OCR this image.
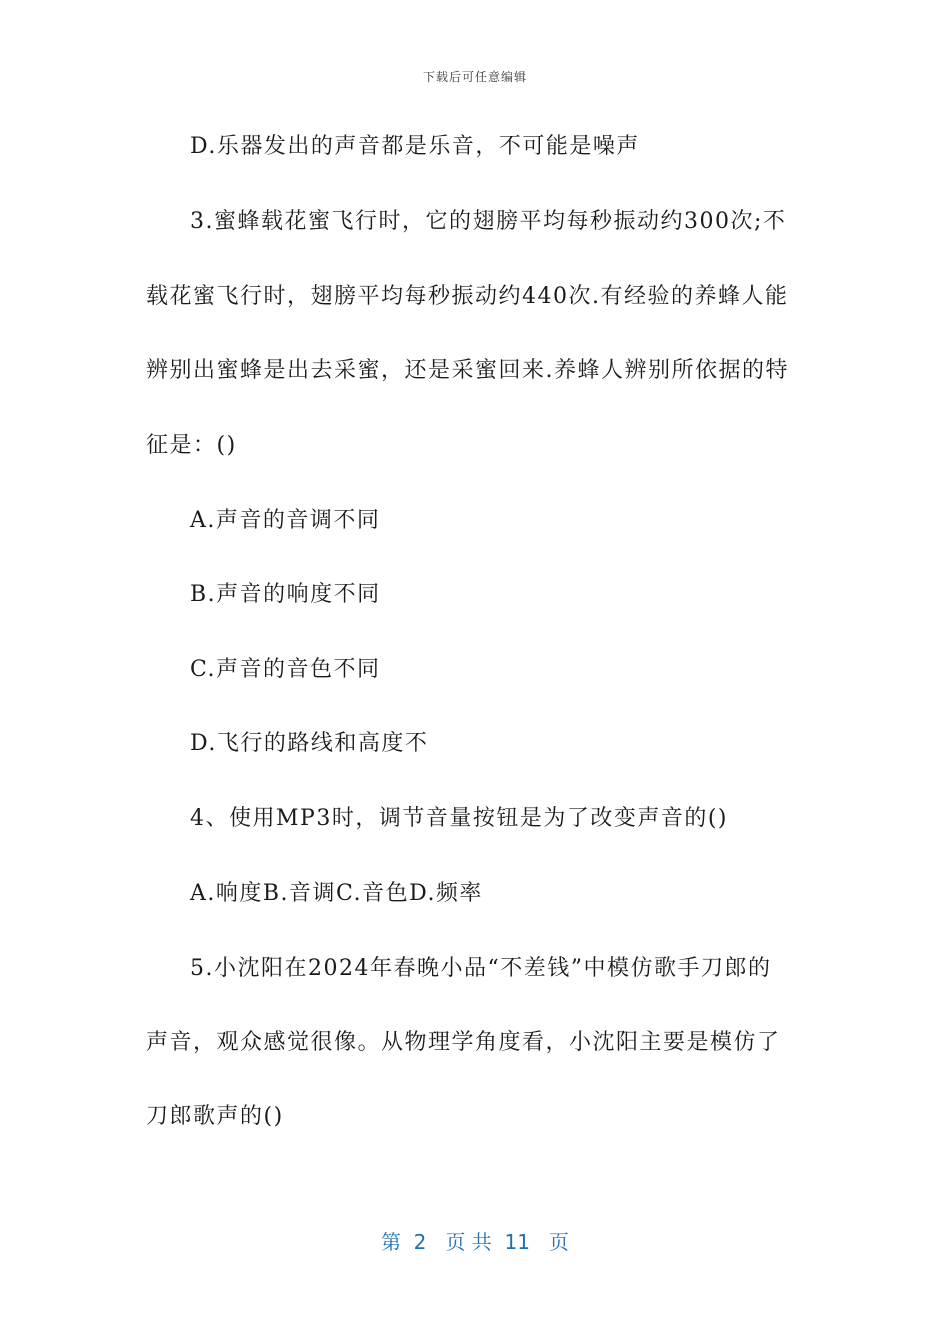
下载后可任意编辑
D.乐器发出的声音都是乐音，不可能是噪声
3.蜜蜂载花蜜飞行时，它的翅膀平均每秒振动约300次;不
载花蜜飞行时，翅膀平均每秒振动约440次.有经验的养蜂人能
辨别出蜜蜂是出去采蜜，还是采蜜回来.养蜂人辨别所依据的特
征是：()
A.声音的音调不同
B.声音的响度不同
C.声音的音色不同
D.飞行的路线和高度不
4、使用MP3时，调节音量按钮是为了改变声音的()
A.响度B.音调C.音色D.频率
5.小沈阳在2024年春晚小品“不差钱”中模仿歌手刀郎的
声音，观众感觉很像。从物理学角度看，小沈阳主要是模仿了
刀郎歌声的()
第  2   页 共  11   页
